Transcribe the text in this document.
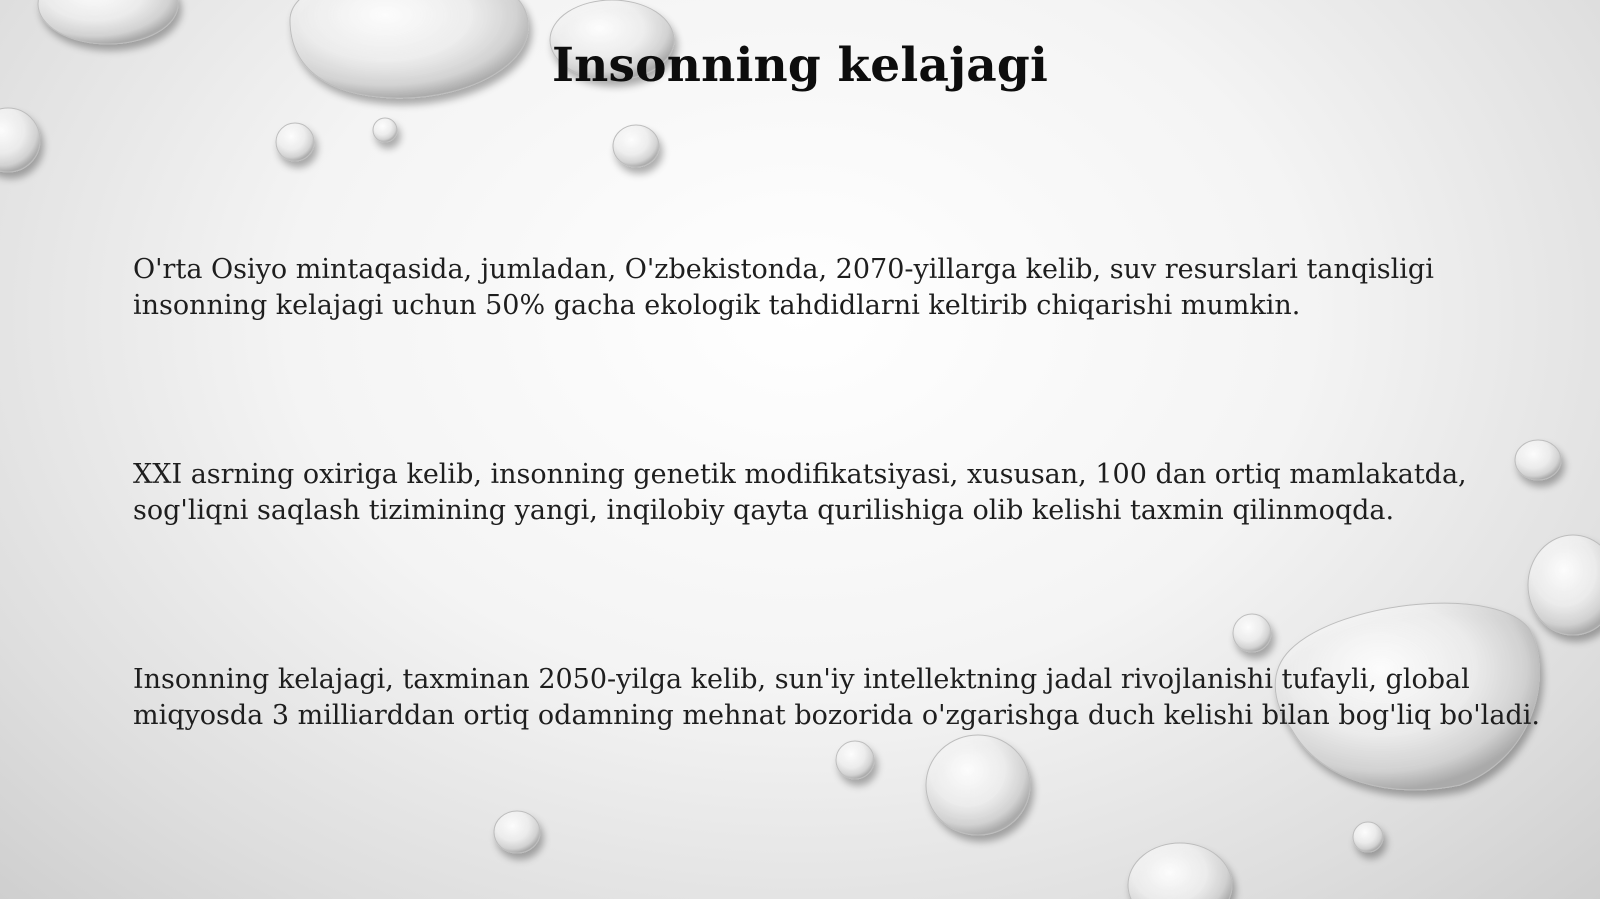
Insonning kelajagi

O'rta Osiyo mintaqasida, jumladan, O'zbekistonda, 2070-yillarga kelib, suv resurslari tanqisligi insonning kelajagi uchun 50% gacha ekologik tahdidlarni keltirib chiqarishi mumkin.

XXI asrning oxiriga kelib, insonning genetik modifikatsiyasi, xususan, 100 dan ortiq mamlakatda, sog'liqni saqlash tizimining yangi, inqilobiy qayta qurilishiga olib kelishi taxmin qilinmoqda.

Insonning kelajagi, taxminan 2050-yilga kelib, sun'iy intellektning jadal rivojlanishi tufayli, global miqyosda 3 milliarddan ortiq odamning mehnat bozorida o'zgarishga duch kelishi bilan bog'liq bo'ladi.
